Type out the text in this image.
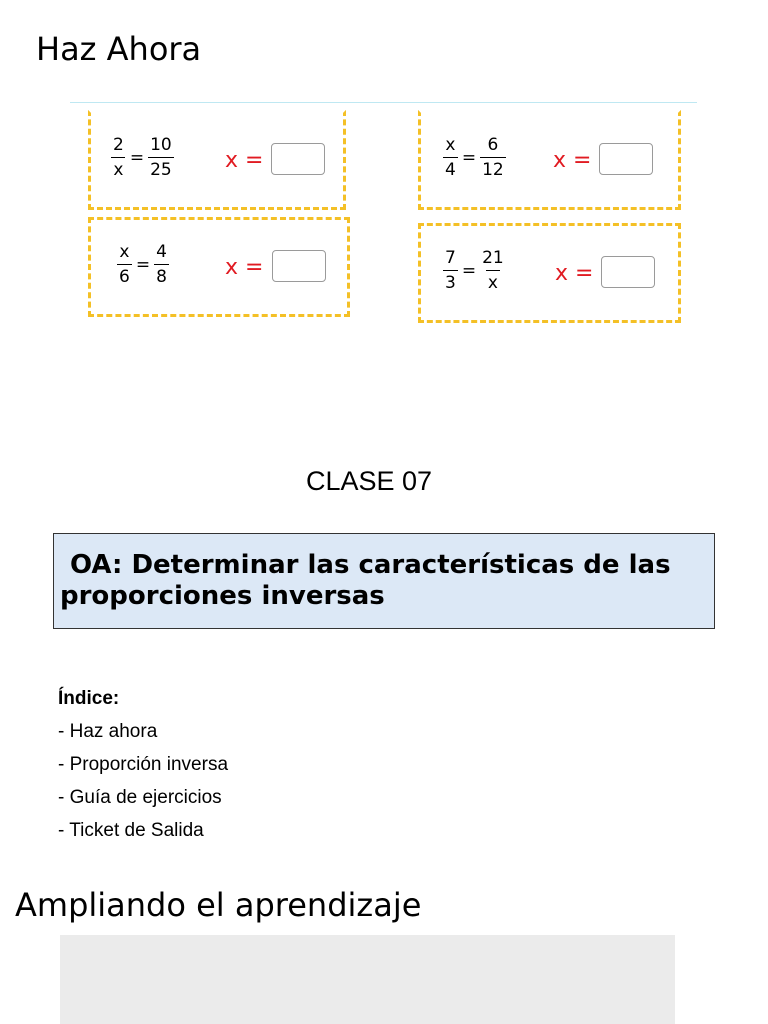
Haz Ahora
$\frac{2}{x} = \frac{10}{25}$ x =
$\frac{x}{6} = \frac{4}{8}$	x =
$\frac{x}{4} = \frac{6}{12}$ x =
$\frac{7}{3} = \frac{21}{x}$ x =
CLASE 07

OA: Determinar las características de las proporciones inversas

Índice:
- Haz ahora
- Proporción inversa
- Guía de ejercicios
- Ticket de Salida
Ampliando el aprendizaje
